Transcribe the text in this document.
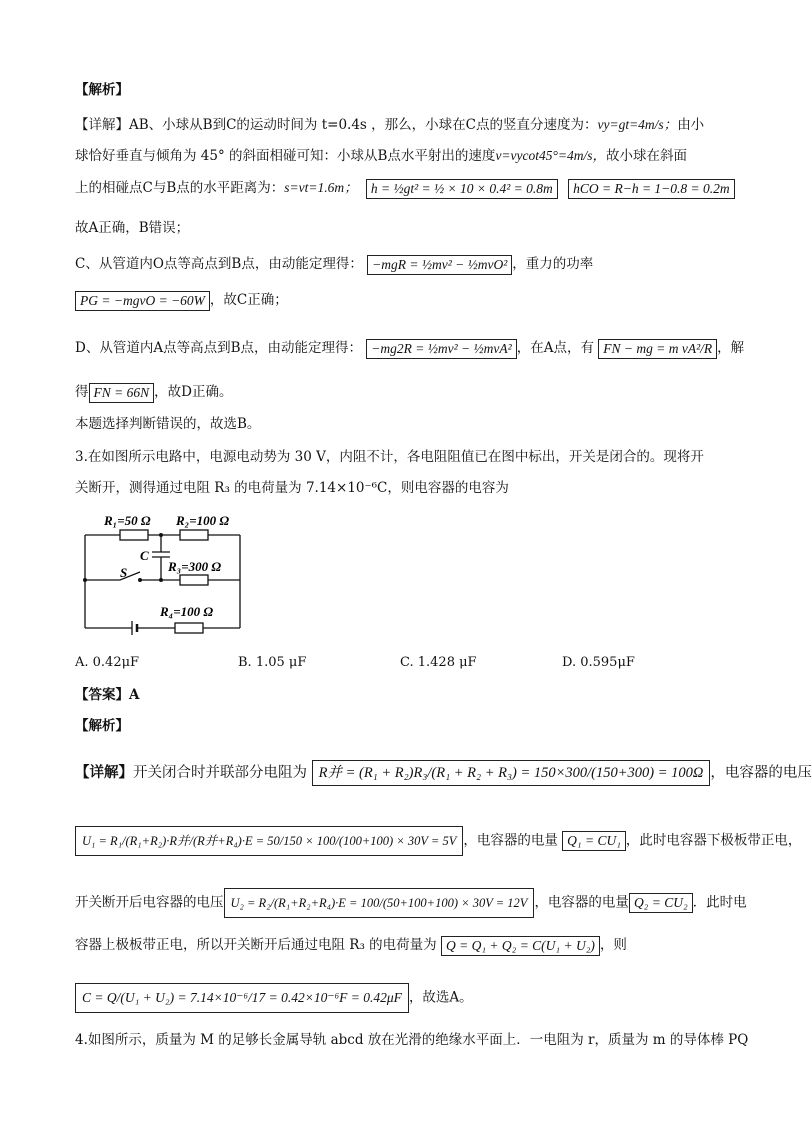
【解析】
【详解】AB、小球从B到C的运动时间为 t=0.4s ，那么，小球在C点的竖直分速度为：vy=gt=4m/s；由小
球恰好垂直与倾角为 45° 的斜面相碰可知：小球从B点水平射出的速度v=vycot45°=4m/s，故小球在斜面
上的相碰点C与B点的水平距离为：s=vt=1.6m； h = ½gt² = ½ × 10 × 0.4² = 0.8m hCO = R−h = 1−0.8 = 0.2m
故A正确，B错误；
C、从管道内O点等高点到B点，由动能定理得： −mgR = ½mv² − ½mvO² ，重力的功率
PG = −mgvO = −60W ，故C正确；
D、从管道内A点等高点到B点，由动能定理得： −mg2R = ½mv² − ½mvA² ，在A点，有 FN − mg = m vA²/R ，解
得 FN = 66N ，故D正确。
本题选择判断错误的，故选B。
3.在如图所示电路中，电源电动势为 30 V，内阻不计，各电阻阻值已在图中标出，开关是闭合的。现将开
关断开，测得通过电阻 R₃ 的电荷量为 7.14×10⁻⁶C，则电容器的电容为
R₁=50 Ω R₂=100 Ω
C
R₃=300 Ω
S
R₄=100 Ω
A. 0.42μF	B. 1.05 μF	C. 1.428 μF	D. 0.595μF
【答案】A
【解析】
【详解】开关闭合时并联部分电阻为 R并 = (R₁ + R₂)R₃/(R₁ + R₂ + R₃) = 150×300/(150+300) = 100Ω ，电容器的电压
U₁ = R₁/(R₁+R₂)·R并/(R并+R₄)·E = 50/150 × 100/(100+100) × 30V = 5V ，电容器的电量 Q₁ = CU₁ ，此时电容器下极板带正电，
开关断开后电容器的电压 U₂ = R₂/(R₁+R₂+R₄)·E = 100/(50+100+100) × 30V = 12V ，电容器的电量 Q₂ = CU₂ ．此时电
容器上极板带正电，所以开关断开后通过电阻 R₃ 的电荷量为 Q = Q₁ + Q₂ = C(U₁ + U₂) ，则
C = Q/(U₁ + U₂) = 7.14×10⁻⁶/17 = 0.42×10⁻⁶F = 0.42μF ，故选A。
4.如图所示，质量为 M 的足够长金属导轨 abcd 放在光滑的绝缘水平面上．一电阻为 r，质量为 m 的导体棒 PQ
